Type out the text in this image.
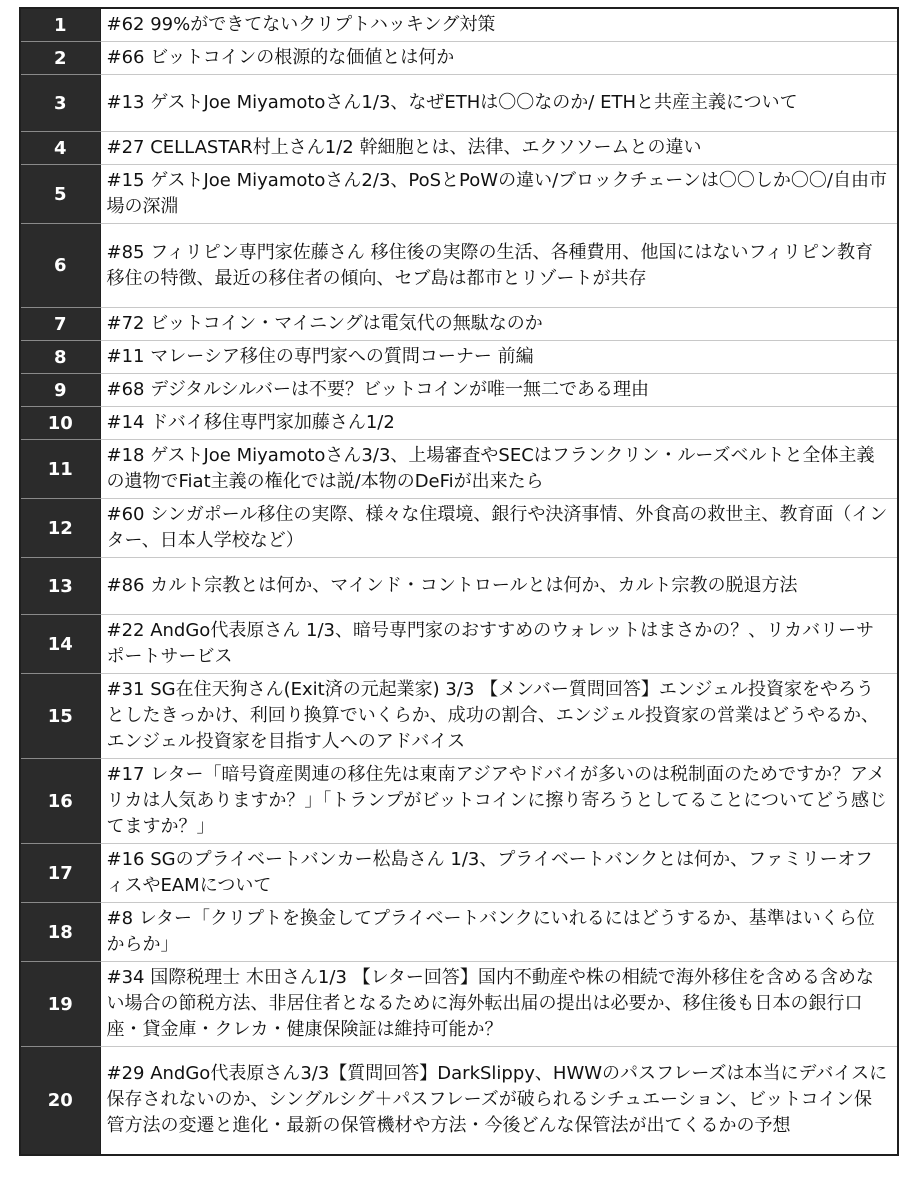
1	#62 99%ができてないクリプトハッキング対策
2	#66 ビットコインの根源的な価値とは何か
3	#13 ゲストJoe Miyamotoさん1/3、なぜETHは〇〇なのか/ ETHと共産主義について
4	#27 CELLASTAR村上さん1/2 幹細胞とは、法律、エクソソームとの違い
5	#15 ゲストJoe Miyamotoさん2/3、PoSとPoWの違い/ブロックチェーンは〇〇しか〇〇/自由市場の深淵
6	#85 フィリピン専門家佐藤さん 移住後の実際の生活、各種費用、他国にはないフィリピン教育移住の特徴、最近の移住者の傾向、セブ島は都市とリゾートが共存
7	#72 ビットコイン・マイニングは電気代の無駄なのか
8	#11 マレーシア移住の専門家への質問コーナー 前編
9	#68 デジタルシルバーは不要？ビットコインが唯一無二である理由
10	#14 ドバイ移住専門家加藤さん1/2
11	#18 ゲストJoe Miyamotoさん3/3、上場審査やSECはフランクリン・ルーズベルトと全体主義の遺物でFiat主義の権化では説/本物のDeFiが出来たら
12	#60 シンガポール移住の実際、様々な住環境、銀行や決済事情、外食高の救世主、教育面（インター、日本人学校など）
13	#86 カルト宗教とは何か、マインド・コントロールとは何か、カルト宗教の脱退方法
14	#22 AndGo代表原さん 1/3、暗号専門家のおすすめのウォレットはまさかの？、リカバリーサポートサービス
15	#31 SG在住天狗さん(Exit済の元起業家) 3/3 【メンバー質問回答】エンジェル投資家をやろうとしたきっかけ、利回り換算でいくらか、成功の割合、エンジェル投資家の営業はどうやるか、エンジェル投資家を目指す人へのアドバイス
16	#17 レター「暗号資産関連の移住先は東南アジアやドバイが多いのは税制面のためですか？アメリカは人気ありますか？」「トランプがビットコインに擦り寄ろうとしてることについてどう感じてますか？」
17	#16 SGのプライベートバンカー松島さん 1/3、プライベートバンクとは何か、ファミリーオフィスやEAMについて
18	#8 レター「クリプトを換金してプライベートバンクにいれるにはどうするか、基準はいくら位からか」
19	#34 国際税理士 木田さん1/3 【レター回答】国内不動産や株の相続で海外移住を含める含めない場合の節税方法、非居住者となるために海外転出届の提出は必要か、移住後も日本の銀行口座・貸金庫・クレカ・健康保険証は維持可能か？
20	#29 AndGo代表原さん3/3【質問回答】DarkSlippy、HWWのパスフレーズは本当にデバイスに保存されないのか、シングルシグ＋パスフレーズが破られるシチュエーション、ビットコイン保管方法の変遷と進化・最新の保管機材や方法・今後どんな保管法が出てくるかの予想
